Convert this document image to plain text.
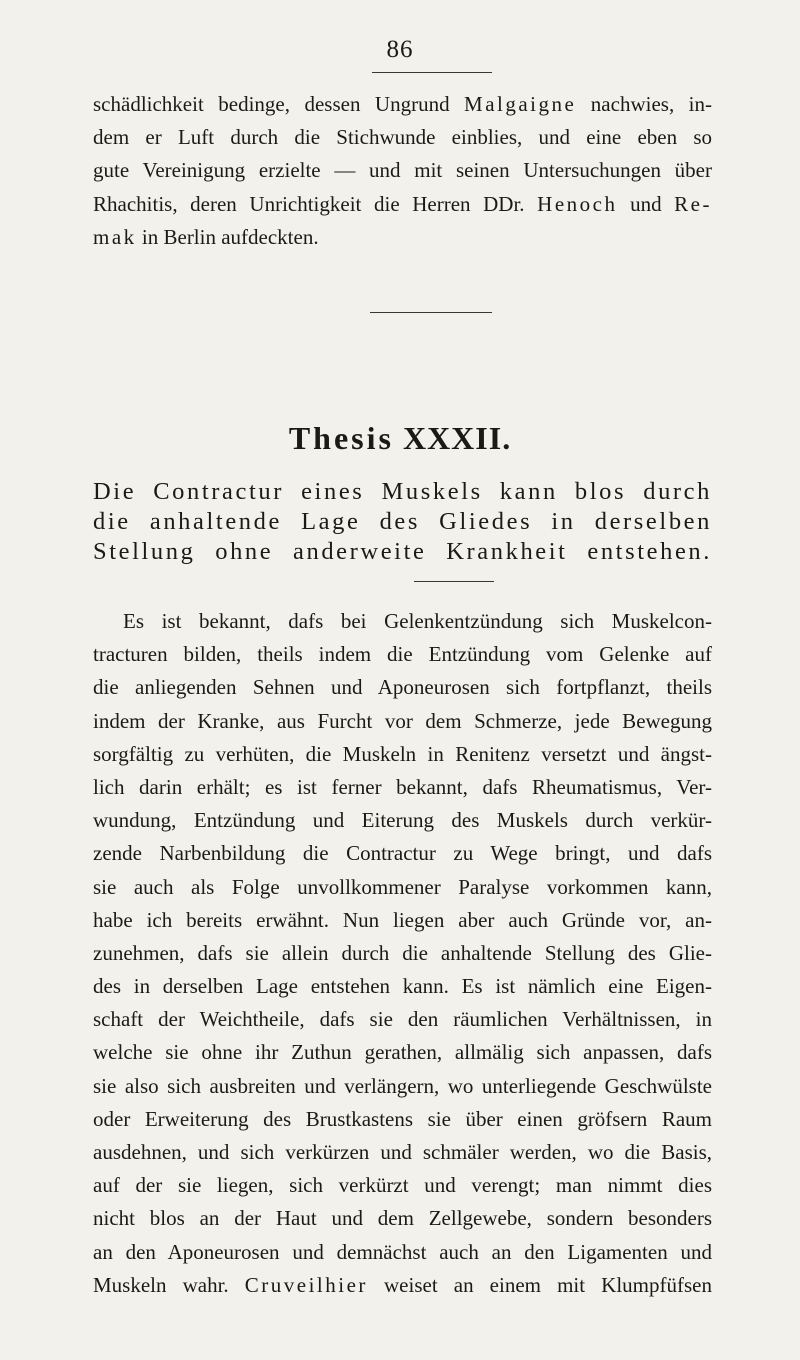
86
schädlichkeit bedinge, dessen Ungrund Malgaigne nachwies, in-
dem er Luft durch die Stichwunde einblies, und eine eben so
gute Vereinigung erzielte — und mit seinen Untersuchungen über
Rhachitis, deren Unrichtigkeit die Herren DDr. Henoch und Re-
mak in Berlin aufdeckten.
Thesis XXXII.
Die Contractur eines Muskels kann blos durch
die anhaltende Lage des Gliedes in derselben
Stellung ohne anderweite Krankheit entstehen.
Es ist bekannt, dafs bei Gelenkentzündung sich Muskelcon-
tracturen bilden, theils indem die Entzündung vom Gelenke auf
die anliegenden Sehnen und Aponeurosen sich fortpflanzt, theils
indem der Kranke, aus Furcht vor dem Schmerze, jede Bewegung
sorgfältig zu verhüten, die Muskeln in Renitenz versetzt und ängst-
lich darin erhält; es ist ferner bekannt, dafs Rheumatismus, Ver-
wundung, Entzündung und Eiterung des Muskels durch verkür-
zende Narbenbildung die Contractur zu Wege bringt, und dafs
sie auch als Folge unvollkommener Paralyse vorkommen kann,
habe ich bereits erwähnt. Nun liegen aber auch Gründe vor, an-
zunehmen, dafs sie allein durch die anhaltende Stellung des Glie-
des in derselben Lage entstehen kann. Es ist nämlich eine Eigen-
schaft der Weichtheile, dafs sie den räumlichen Verhältnissen, in
welche sie ohne ihr Zuthun gerathen, allmälig sich anpassen, dafs
sie also sich ausbreiten und verlängern, wo unterliegende Geschwülste
oder Erweiterung des Brustkastens sie über einen gröfsern Raum
ausdehnen, und sich verkürzen und schmäler werden, wo die Basis,
auf der sie liegen, sich verkürzt und verengt; man nimmt dies
nicht blos an der Haut und dem Zellgewebe, sondern besonders
an den Aponeurosen und demnächst auch an den Ligamenten und
Muskeln wahr. Cruveilhier weiset an einem mit Klumpfüfsen
